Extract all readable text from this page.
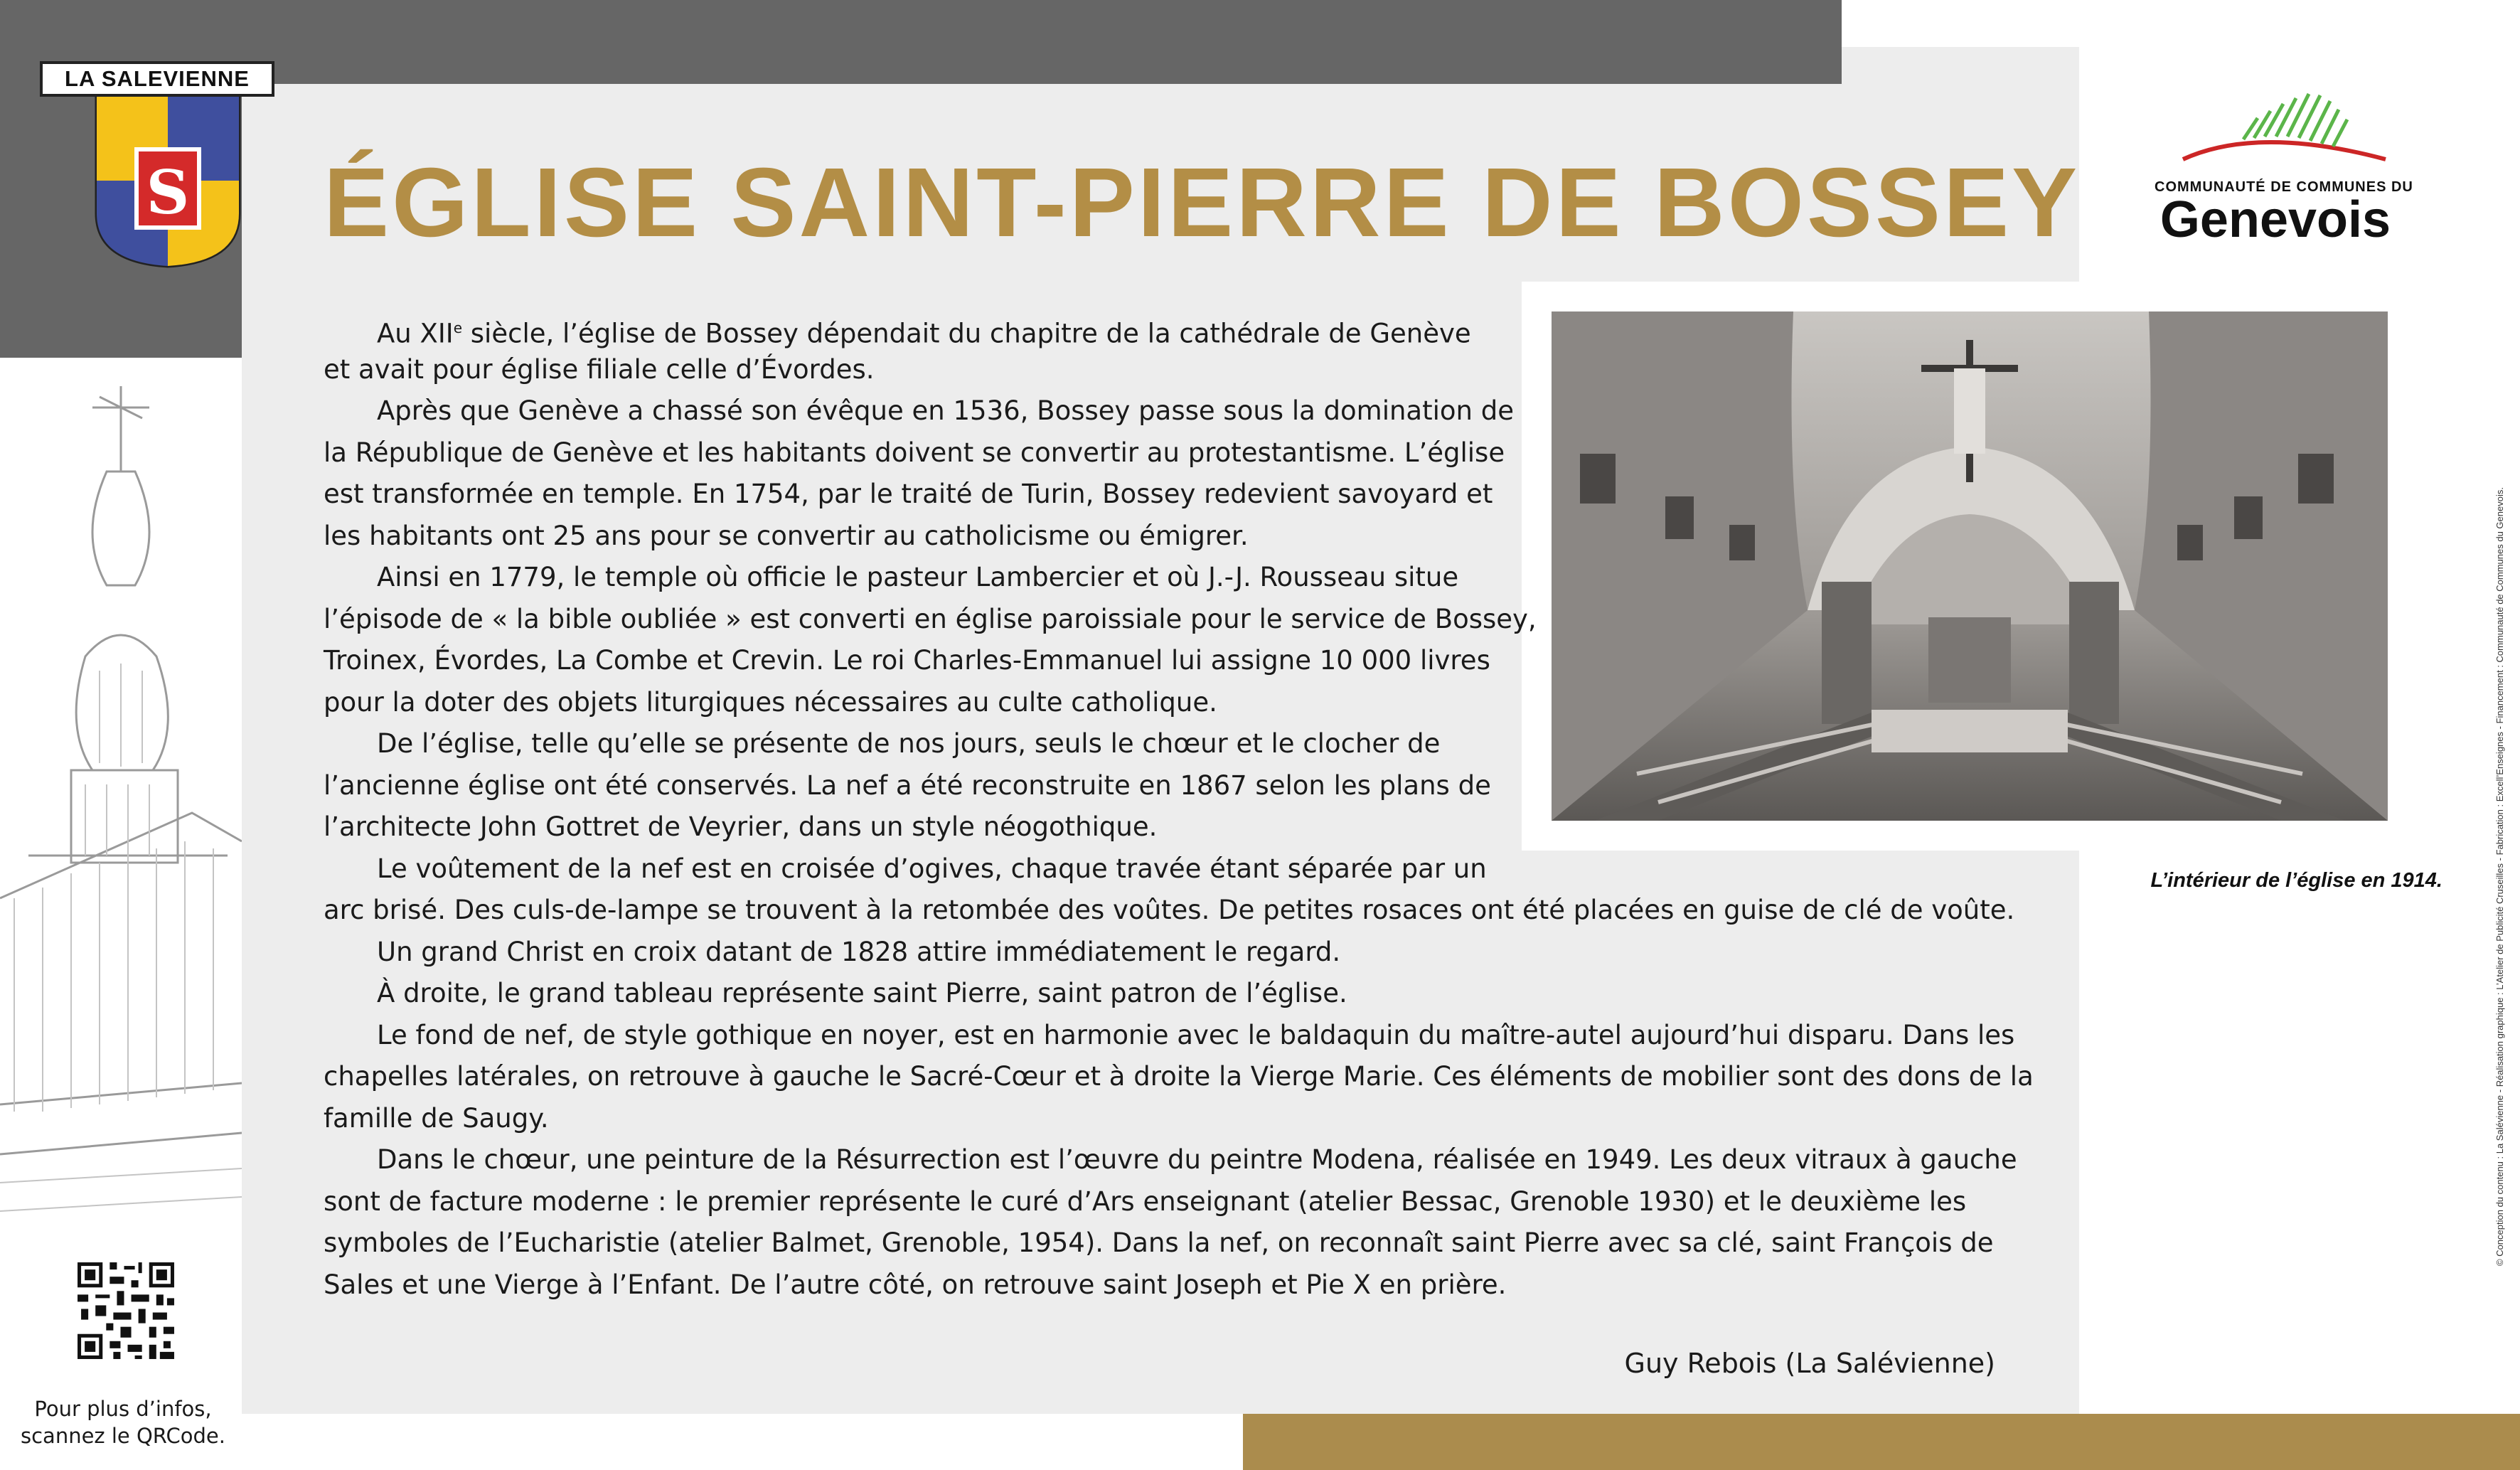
LA SALEVIENNE
S ÉGLISE SAINT-PIERRE DE BOSSEY	COMMUNAUTÉ DE COMMUNES DU
Genevois
L’intérieur de l’église en 1914.	© Conception du contenu : La Salévienne - Réalisation graphique : L’Atelier de Publicité Cruseilles - Fabrication : Excell’Enseignes - Financement : Communauté de Communes du Genevois.
Au XIIe siècle, l’église de Bossey dépendait du chapitre de la cathédrale de Genève
et avait pour église filiale celle d’Évordes.
Après que Genève a chassé son évêque en 1536, Bossey passe sous la domination de
la République de Genève et les habitants doivent se convertir au protestantisme. L’église
est transformée en temple. En 1754, par le traité de Turin, Bossey redevient savoyard et
les habitants ont 25 ans pour se convertir au catholicisme ou émigrer.
Ainsi en 1779, le temple où officie le pasteur Lambercier et où J.-J. Rousseau situe
l’épisode de « la bible oubliée » est converti en église paroissiale pour le service de Bossey,
Troinex, Évordes, La Combe et Crevin. Le roi Charles-Emmanuel lui assigne 10 000 livres
pour la doter des objets liturgiques nécessaires au culte catholique.
De l’église, telle qu’elle se présente de nos jours, seuls le chœur et le clocher de
l’ancienne église ont été conservés. La nef a été reconstruite en 1867 selon les plans de
l’architecte John Gottret de Veyrier, dans un style néogothique.
Le voûtement de la nef est en croisée d’ogives, chaque travée étant séparée par un
arc brisé. Des culs-de-lampe se trouvent à la retombée des voûtes. De petites rosaces ont été placées en guise de clé de voûte.
Un grand Christ en croix datant de 1828 attire immédiatement le regard.
À droite, le grand tableau représente saint Pierre, saint patron de l’église.
Le fond de nef, de style gothique en noyer, est en harmonie avec le baldaquin du maître-autel aujourd’hui disparu. Dans les
chapelles latérales, on retrouve à gauche le Sacré-Cœur et à droite la Vierge Marie. Ces éléments de mobilier sont des dons de la
famille de Saugy.
Dans le chœur, une peinture de la Résurrection est l’œuvre du peintre Modena, réalisée en 1949. Les deux vitraux à gauche
sont de facture moderne : le premier représente le curé d’Ars enseignant (atelier Bessac, Grenoble 1930) et le deuxième les
symboles de l’Eucharistie (atelier Balmet, Grenoble, 1954). Dans la nef, on reconnaît saint Pierre avec sa clé, saint François de
Sales et une Vierge à l’Enfant. De l’autre côté, on retrouve saint Joseph et Pie X en prière.
Guy Rebois (La Salévienne)
Pour plus d’infos,
scannez le QRCode.
